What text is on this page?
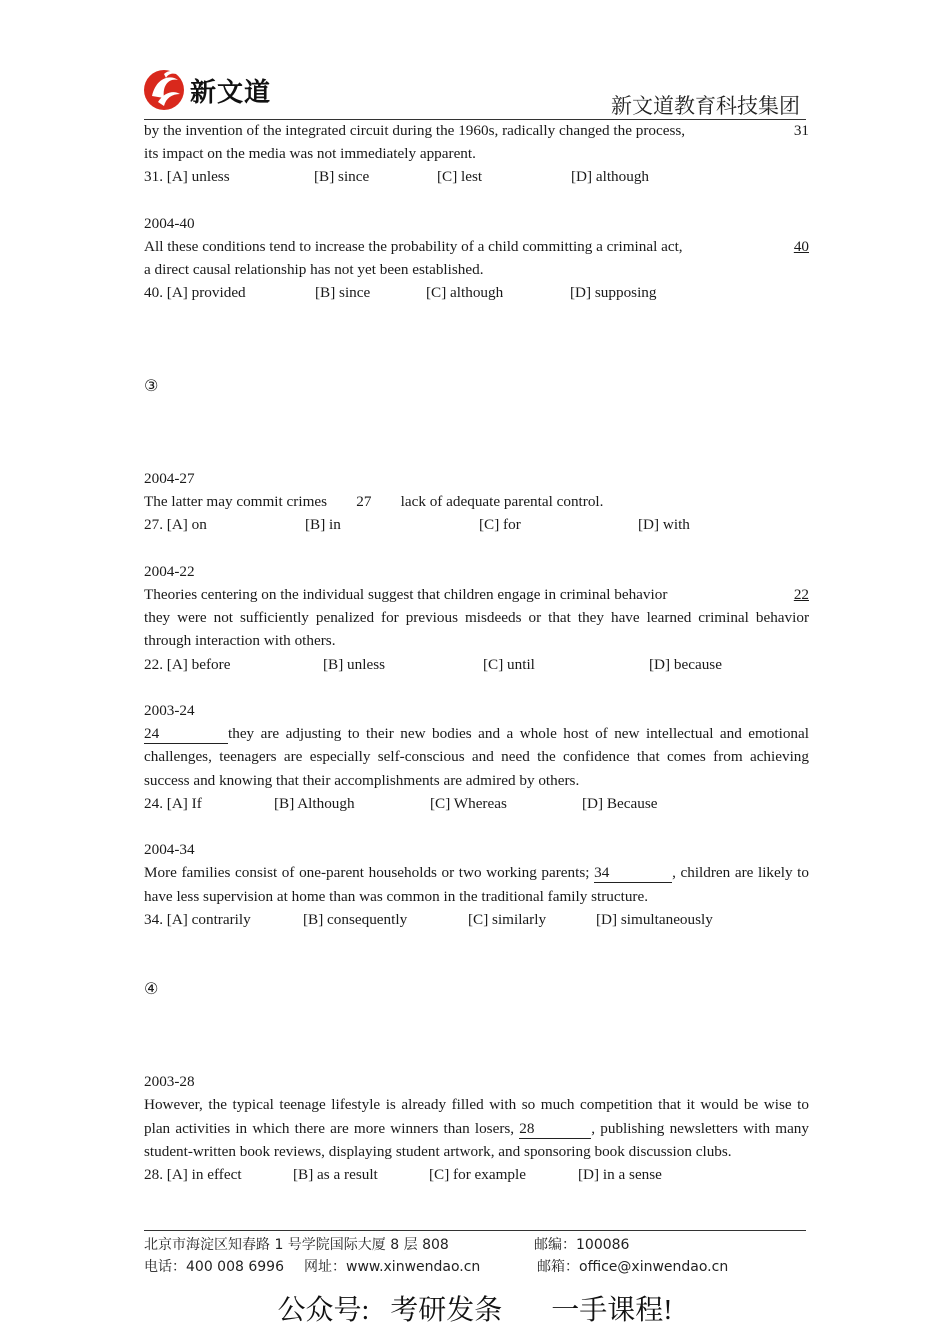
新文道	新文道教育科技集团

by the invention of the integrated circuit during the 1960s, radically changed the process,	31

its impact on the media was not immediately apparent.

31. [A] unless	[B] since	[C] lest	[D] although

2004-40

All these conditions tend to increase the probability of a child committing a criminal act,	40

a direct causal relationship has not yet been established.

40. [A] provided	[B] since	[C] although	[D] supposing

③

2004-27

The latter may commit crimes 27 lack of adequate parental control.

27. [A] on	[B] in	[C] for	[D] with

2004-22

Theories centering on the individual suggest that children engage in criminal behavior	22

they were not sufficiently penalized for previous misdeeds or that they have learned criminal behavior through interaction with others.

22. [A] before	[B] unless	[C] until	[D] because

2003-24

24	they are adjusting to their new bodies and a whole host of new intellectual and emotional challenges, teenagers are especially self-conscious and need the confidence that comes from achieving success and knowing that their accomplishments are admired by others.

24. [A] If	[B] Although	[C] Whereas	[D] Because

2004-34

More families consist of one-parent households or two working parents; 34	, children are likely to have less supervision at home than was common in the traditional family structure.

34. [A] contrarily	[B] consequently	[C] similarly	[D] simultaneously

④

2003-28

However, the typical teenage lifestyle is already filled with so much competition that it would be wise to plan activities in which there are more winners than losers, 28	, publishing newsletters with many student-written book reviews, displaying student artwork, and sponsoring book discussion clubs.

28. [A] in effect	[B] as a result	[C] for example	[D] in a sense
北京市海淀区知春路 1 号学院国际大厦 8 层 808	邮编：100086
电话：400 008 6996	网址：www.xinwendao.cn	邮箱：office@xinwendao.cn
公众号:   考研发条       一手课程!
